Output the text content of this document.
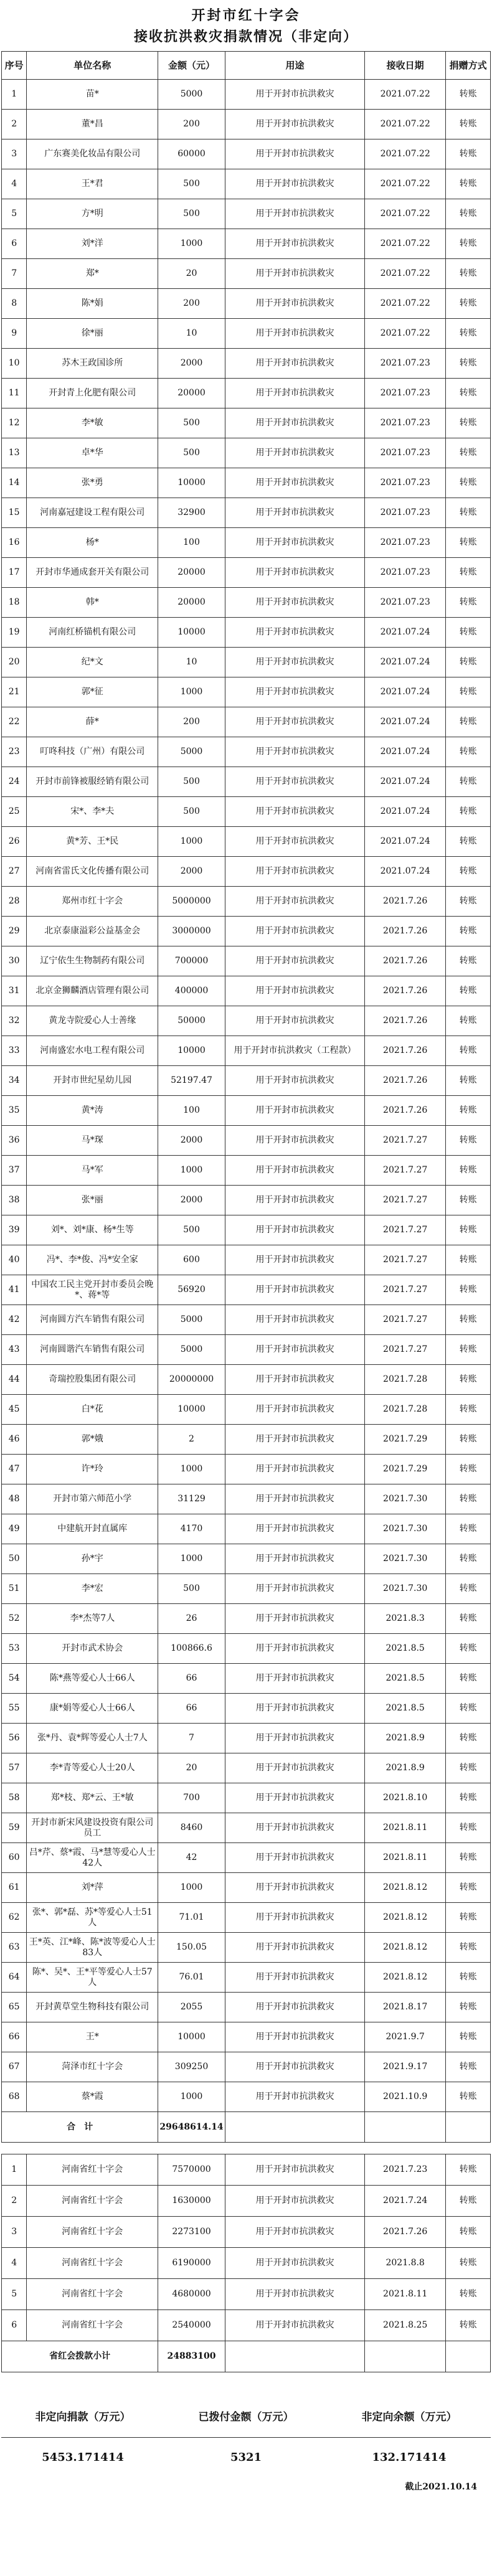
开封市红十字会
接收抗洪救灾捐款情况（非定向）
序号	单位名称	金额（元）	用途	接收日期	捐赠方式
1	苗*	5000	用于开封市抗洪救灾	2021.07.22	转账
2	董*昌	200	用于开封市抗洪救灾	2021.07.22	转账
3	广东赛美化妆品有限公司	60000	用于开封市抗洪救灾	2021.07.22	转账
4	王*君	500	用于开封市抗洪救灾	2021.07.22	转账
5	方*明	500	用于开封市抗洪救灾	2021.07.22	转账
6	刘*洋	1000	用于开封市抗洪救灾	2021.07.22	转账
7	郑*	20	用于开封市抗洪救灾	2021.07.22	转账
8	陈*娟	200	用于开封市抗洪救灾	2021.07.22	转账
9	徐*丽	10	用于开封市抗洪救灾	2021.07.22	转账
10	苏木王政国诊所	2000	用于开封市抗洪救灾	2021.07.23	转账
11	开封青上化肥有限公司	20000	用于开封市抗洪救灾	2021.07.23	转账
12	李*敏	500	用于开封市抗洪救灾	2021.07.23	转账
13	卓*华	500	用于开封市抗洪救灾	2021.07.23	转账
14	张*勇	10000	用于开封市抗洪救灾	2021.07.23	转账
15	河南嘉冠建设工程有限公司	32900	用于开封市抗洪救灾	2021.07.23	转账
16	杨*	100	用于开封市抗洪救灾	2021.07.23	转账
17	开封市华通成套开关有限公司	20000	用于开封市抗洪救灾	2021.07.23	转账
18	韩*	20000	用于开封市抗洪救灾	2021.07.23	转账
19	河南红桥锚机有限公司	10000	用于开封市抗洪救灾	2021.07.24	转账
20	纪*文	10	用于开封市抗洪救灾	2021.07.24	转账
21	郭*征	1000	用于开封市抗洪救灾	2021.07.24	转账
22	薛*	200	用于开封市抗洪救灾	2021.07.24	转账
23	叮咚科技（广州）有限公司	5000	用于开封市抗洪救灾	2021.07.24	转账
24	开封市前锋被服经销有限公司	500	用于开封市抗洪救灾	2021.07.24	转账
25	宋*、李*夫	500	用于开封市抗洪救灾	2021.07.24	转账
26	黄*芳、王*民	1000	用于开封市抗洪救灾	2021.07.24	转账
27	河南省雷氏文化传播有限公司	2000	用于开封市抗洪救灾	2021.07.24	转账
28	郑州市红十字会	5000000	用于开封市抗洪救灾	2021.7.26	转账
29	北京泰康溢彩公益基金会	3000000	用于开封市抗洪救灾	2021.7.26	转账
30	辽宁依生生物制药有限公司	700000	用于开封市抗洪救灾	2021.7.26	转账
31	北京金狮麟酒店管理有限公司	400000	用于开封市抗洪救灾	2021.7.26	转账
32	黄龙寺院爱心人士善缘	50000	用于开封市抗洪救灾	2021.7.26	转账
33	河南盛宏水电工程有限公司	10000	用于开封市抗洪救灾（工程款）	2021.7.26	转账
34	开封市世纪星幼儿园	52197.47	用于开封市抗洪救灾	2021.7.26	转账
35	黄*涛	100	用于开封市抗洪救灾	2021.7.26	转账
36	马*琛	2000	用于开封市抗洪救灾	2021.7.27	转账
37	马*军	1000	用于开封市抗洪救灾	2021.7.27	转账
38	张*丽	2000	用于开封市抗洪救灾	2021.7.27	转账
39	刘*、刘*康、杨*生等	500	用于开封市抗洪救灾	2021.7.27	转账
40	冯*、李*俊、冯*安全家	600	用于开封市抗洪救灾	2021.7.27	转账
41	中国农工民主党开封市委员会晚*、蒋*等	56920	用于开封市抗洪救灾	2021.7.27	转账
42	河南圆方汽车销售有限公司	5000	用于开封市抗洪救灾	2021.7.27	转账
43	河南圆谐汽车销售有限公司	5000	用于开封市抗洪救灾	2021.7.27	转账
44	奇瑞控股集团有限公司	20000000	用于开封市抗洪救灾	2021.7.28	转账
45	白*花	10000	用于开封市抗洪救灾	2021.7.28	转账
46	郭*娥	2	用于开封市抗洪救灾	2021.7.29	转账
47	许*玲	1000	用于开封市抗洪救灾	2021.7.29	转账
48	开封市第六师范小学	31129	用于开封市抗洪救灾	2021.7.30	转账
49	中建航开封直属库	4170	用于开封市抗洪救灾	2021.7.30	转账
50	孙*宇	1000	用于开封市抗洪救灾	2021.7.30	转账
51	李*宏	500	用于开封市抗洪救灾	2021.7.30	转账
52	李*杰等7人	26	用于开封市抗洪救灾	2021.8.3	转账
53	开封市武术协会	100866.6	用于开封市抗洪救灾	2021.8.5	转账
54	陈*燕等爱心人士66人	66	用于开封市抗洪救灾	2021.8.5	转账
55	康*娟等爱心人士66人	66	用于开封市抗洪救灾	2021.8.5	转账
56	张*丹、袁*辉等爱心人士7人	7	用于开封市抗洪救灾	2021.8.9	转账
57	李*青等爱心人士20人	20	用于开封市抗洪救灾	2021.8.9	转账
58	郑*枝、郑*云、王*敏	700	用于开封市抗洪救灾	2021.8.10	转账
59	开封市新宋风建设投资有限公司员工	8460	用于开封市抗洪救灾	2021.8.11	转账
60	吕*芹、蔡*霞、马*慧等爱心人士42人	42	用于开封市抗洪救灾	2021.8.11	转账
61	刘*萍	1000	用于开封市抗洪救灾	2021.8.12	转账
62	张*、郭*磊、苏*等爱心人士51人	71.01	用于开封市抗洪救灾	2021.8.12	转账
63	王*英、江*峰、陈*波等爱心人士83人	150.05	用于开封市抗洪救灾	2021.8.12	转账
64	陈*、吴*、王*平等爱心人士57人	76.01	用于开封市抗洪救灾	2021.8.12	转账
65	开封黄草堂生物科技有限公司	2055	用于开封市抗洪救灾	2021.8.17	转账
66	王*	10000	用于开封市抗洪救灾	2021.9.7	转账
67	菏泽市红十字会	309250	用于开封市抗洪救灾	2021.9.17	转账
68	蔡*霞	1000	用于开封市抗洪救灾	2021.10.9	转账
合　计		29648614.14			
1	河南省红十字会	7570000	用于开封市抗洪救灾	2021.7.23	转账
2	河南省红十字会	1630000	用于开封市抗洪救灾	2021.7.24	转账
3	河南省红十字会	2273100	用于开封市抗洪救灾	2021.7.26	转账
4	河南省红十字会	6190000	用于开封市抗洪救灾	2021.8.8	转账
5	河南省红十字会	4680000	用于开封市抗洪救灾	2021.8.11	转账
6	河南省红十字会	2540000	用于开封市抗洪救灾	2021.8.25	转账
省红会拨款小计		24883100			
非定向捐款（万元）	已拨付金额（万元）	非定向余额（万元）
5453.171414	5321	132.171414
截止2021.10.14
